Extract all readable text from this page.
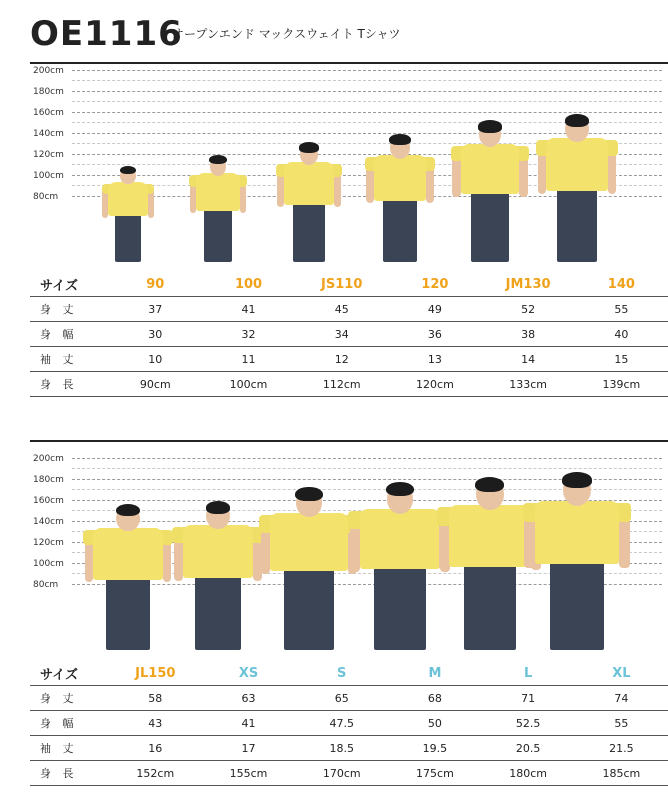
OE1116
オープンエンド マックスウェイト Tシャツ
200cm
180cm
160cm
140cm
120cm
100cm
80cm
サイズ	90	100	JS110	120	JM130	140
身 丈	37	41	45	49	52	55
身 幅	30	32	34	36	38	40
袖 丈	10	11	12	13	14	15
身 長	90cm	100cm	112cm	120cm	133cm	139cm
200cm
180cm
160cm
140cm
120cm
100cm
80cm
サイズ	JL150	XS	S	M	L	XL
身 丈	58	63	65	68	71	74
身 幅	43	41	47.5	50	52.5	55
袖 丈	16	17	18.5	19.5	20.5	21.5
身 長	152cm	155cm	170cm	175cm	180cm	185cm
